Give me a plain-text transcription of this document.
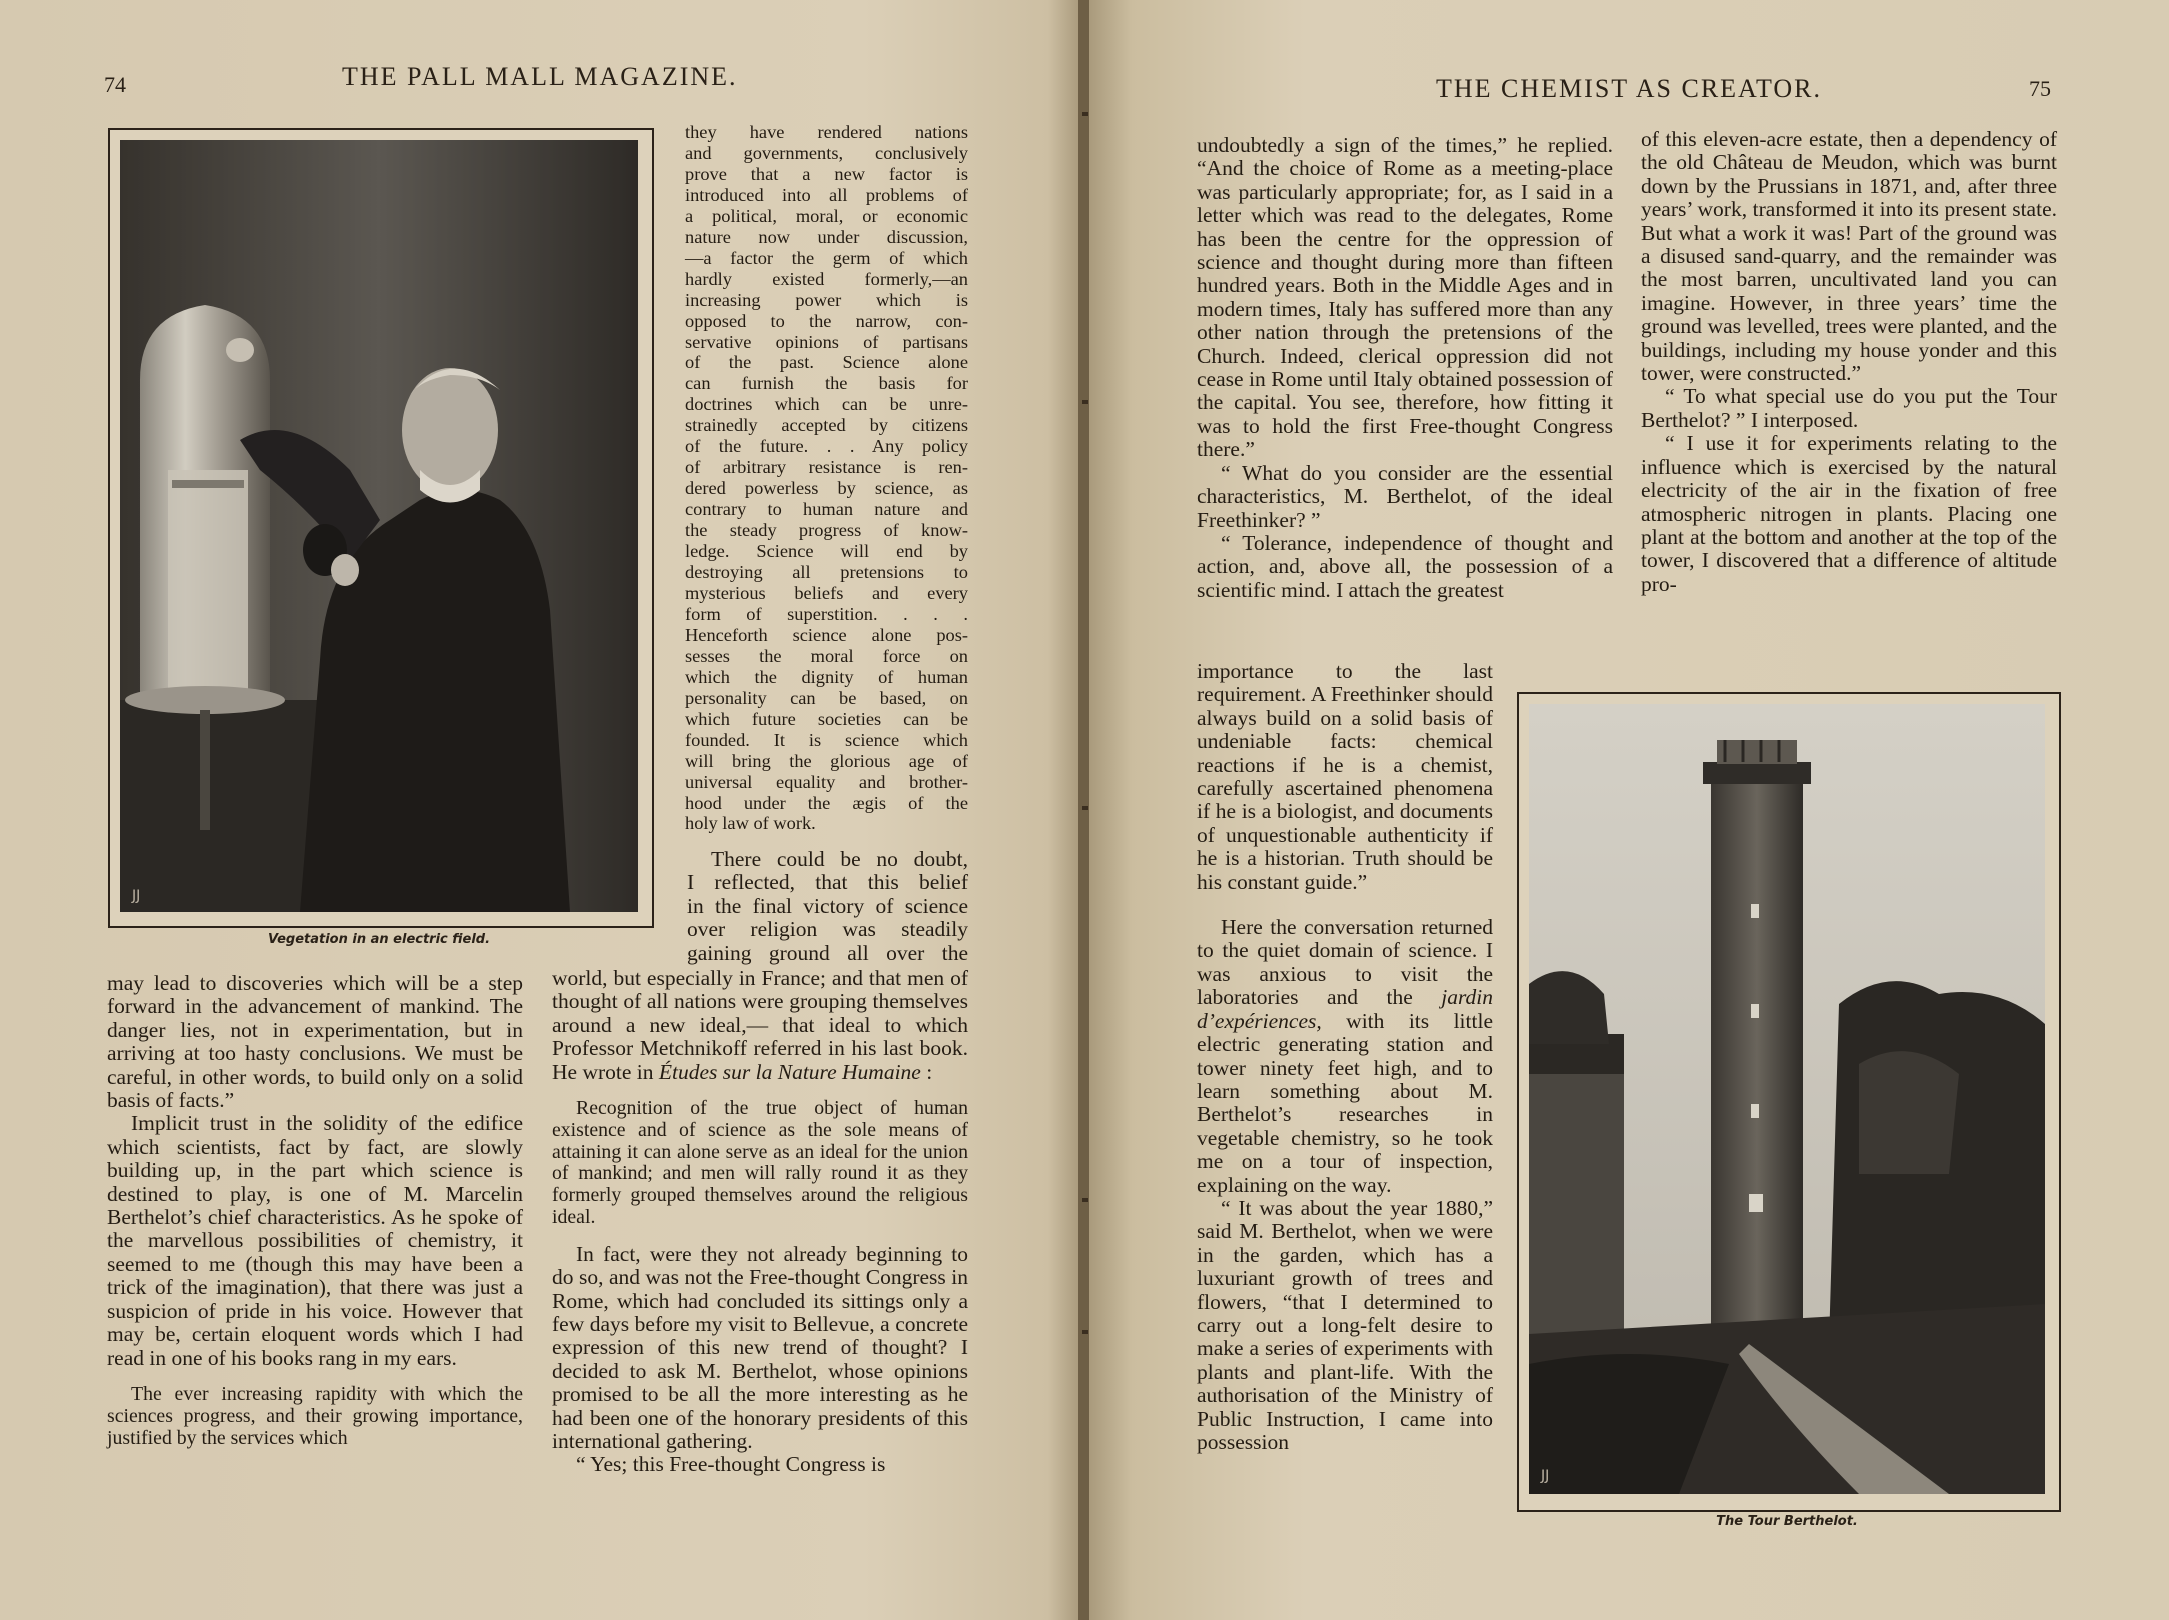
74	THE PALL MALL MAGAZINE.
JJ
Vegetation in an electric field.
they have rendered nations
and governments, conclusively
prove that a new factor is
introduced into all problems of
a political, moral, or economic
nature now under discussion,
—a factor the germ of which
hardly existed formerly,—an
increasing power which is
opposed to the narrow, con-
servative opinions of partisans
of the past. Science alone
can furnish the basis for
doctrines which can be unre-
strainedly accepted by citizens
of the future. . . Any policy
of arbitrary resistance is ren-
dered powerless by science, as
contrary to human nature and
the steady progress of know-
ledge. Science will end by
destroying all pretensions to
mysterious beliefs and every
form of superstition. . . .
Henceforth science alone pos-
sesses the moral force on
which the dignity of human
personality can be based, on
which future societies can be
founded. It is science which
will bring the glorious age of
universal equality and brother-
hood under the ægis of the
holy law of work.
There could be no doubt,
I reflected, that this belief
in the final victory of science
over religion was steadily
gaining ground all over the

world, but especially in France; and that men of thought of all nations were grouping themselves around a new ideal,— that ideal to which Professor Metchnikoff referred in his last book. He wrote in Études sur la Nature Humaine :

Recognition of the true object of human existence and of science as the sole means of attaining it can alone serve as an ideal for the union of mankind; and men will rally round it as they formerly grouped themselves around the religious ideal.

In fact, were they not already beginning to do so, and was not the Free-thought Congress in Rome, which had concluded its sittings only a few days before my visit to Bellevue, a concrete expression of this new trend of thought? I decided to ask M. Berthelot, whose opinions promised to be all the more interesting as he had been one of the honorary presidents of this international gathering.

“ Yes; this Free-thought Congress is

may lead to discoveries which will be a step forward in the advancement of mankind. The danger lies, not in experimentation, but in arriving at too hasty conclusions. We must be careful, in other words, to build only on a solid basis of facts.”

Implicit trust in the solidity of the edifice which scientists, fact by fact, are slowly building up, in the part which science is destined to play, is one of M. Marcelin Berthelot’s chief characteristics. As he spoke of the marvellous possibilities of chemistry, it seemed to me (though this may have been a trick of the imagination), that there was just a suspicion of pride in his voice. However that may be, certain eloquent words which I had read in one of his books rang in my ears.

The ever increasing rapidity with which the sciences progress, and their growing importance, justified by the services which

THE CHEMIST AS CREATOR.	75

undoubtedly a sign of the times,” he replied. “And the choice of Rome as a meeting-place was particularly appropriate; for, as I said in a letter which was read to the delegates, Rome has been the centre for the oppression of science and thought during more than fifteen hundred years. Both in the Middle Ages and in modern times, Italy has suffered more than any other nation through the pretensions of the Church. Indeed, clerical oppression did not cease in Rome until Italy obtained possession of the capital. You see, therefore, how fitting it was to hold the first Free-thought Congress there.”

“ What do you consider are the essential characteristics, M. Berthelot, of the ideal Freethinker? ”

“ Tolerance, independence of thought and action, and, above all, the possession of a scientific mind. I attach the greatest

importance to the last requirement. A Freethinker should always build on a solid basis of undeniable facts: chemical reactions if he is a chemist, carefully ascertained phenomena if he is a biologist, and documents of unquestionable authenticity if he is a historian. Truth should be his constant guide.”

Here the conversation returned to the quiet domain of science. I was anxious to visit the laboratories and the jardin d’expériences, with its little electric generating station and tower ninety feet high, and to learn something about M. Berthelot’s researches in vegetable chemistry, so he took me on a tour of inspection, explaining on the way.

“ It was about the year 1880,” said M. Berthelot, when we were in the garden, which has a luxuriant growth of trees and flowers, “that I determined to carry out a long-felt desire to make a series of experiments with plants and plant-life. With the authorisation of the Ministry of Public Instruction, I came into possession

of this eleven-acre estate, then a dependency of the old Château de Meudon, which was burnt down by the Prussians in 1871, and, after three years’ work, transformed it into its present state. But what a work it was! Part of the ground was a disused sand-quarry, and the remainder was the most barren, uncultivated land you can imagine. However, in three years’ time the ground was levelled, trees were planted, and the buildings, including my house yonder and this tower, were constructed.”

“ To what special use do you put the Tour Berthelot? ” I interposed.

“ I use it for experiments relating to the influence which is exercised by the natural electricity of the air in the fixation of free atmospheric nitrogen in plants. Placing one plant at the bottom and another at the top of the tower, I discovered that a difference of altitude pro-

JJ
The Tour Berthelot.
